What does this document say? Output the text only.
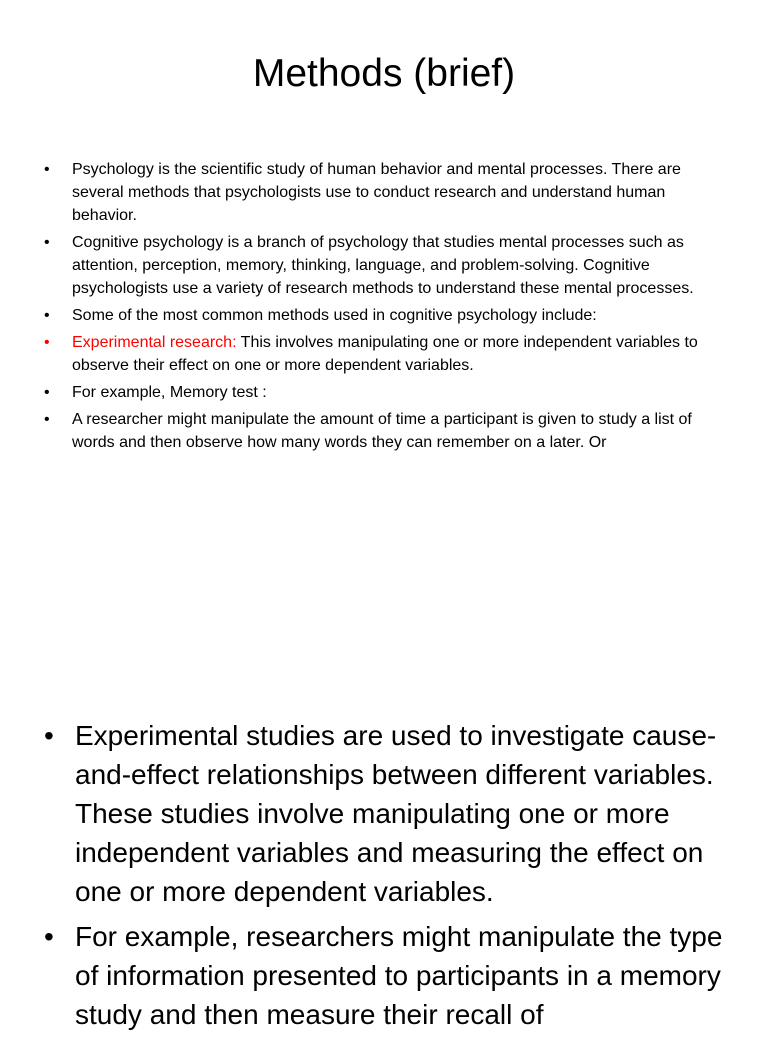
Methods (brief)
• Psychology is the scientific study of human behavior and mental processes. There are several methods that psychologists use to conduct research and understand human behavior.
• Cognitive psychology is a branch of psychology that studies mental processes such as attention, perception, memory, thinking, language, and problem-solving. Cognitive psychologists use a variety of research methods to understand these mental processes.
• Some of the most common methods used in cognitive psychology include:
• Experimental research: This involves manipulating one or more independent variables to observe their effect on one or more dependent variables.
• For example, Memory test :
• A researcher might manipulate the amount of time a participant is given to study a list of words and then observe how many words they can remember on a later. Or
• Experimental studies are used to investigate cause-and-effect relationships between different variables. These studies involve manipulating one or more independent variables and measuring the effect on one or more dependent variables.
• For example, researchers might manipulate the type of information presented to participants in a memory study and then measure their recall of
